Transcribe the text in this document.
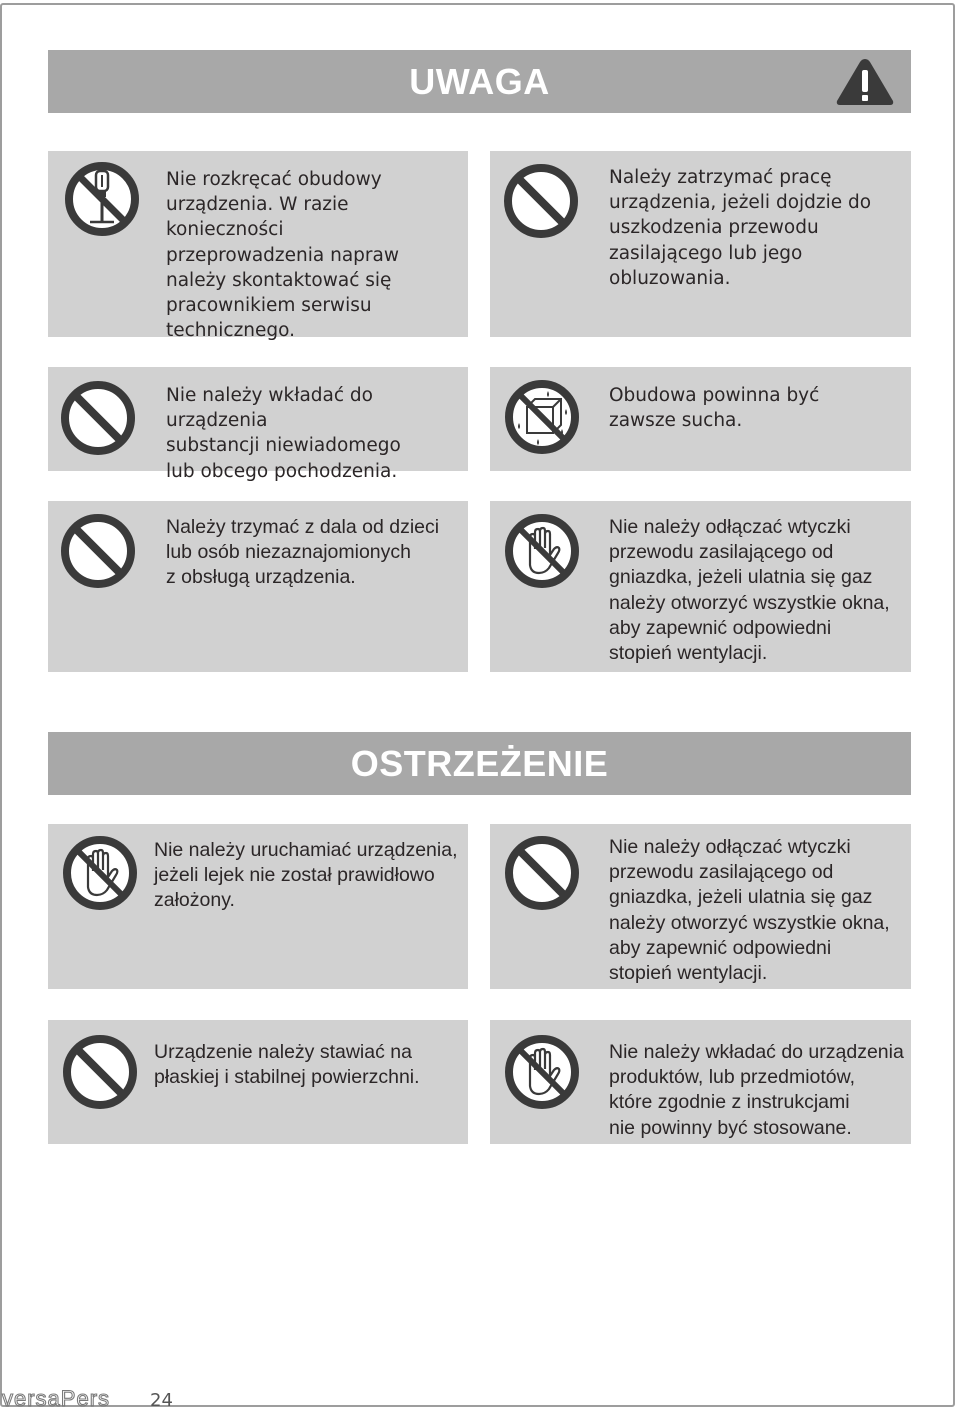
UWAGA

Nie rozkręcać obudowy
urządzenia. W razie konieczności
przeprowadzenia napraw
należy skontaktować się
pracownikiem serwisu
technicznego.

Należy zatrzymać pracę
urządzenia, jeżeli dojdzie do
uszkodzenia przewodu
zasilającego lub jego
obluzowania.

Nie należy wkładać do urządzenia
substancji niewiadomego
lub obcego pochodzenia.

Obudowa powinna być
zawsze sucha.

Należy trzymać z dala od dzieci
lub osób niezaznajomionych
z obsługą urządzenia.

Nie należy odłączać wtyczki
przewodu zasilającego od
gniazdka, jeżeli ulatnia się gaz
należy otworzyć wszystkie okna,
aby zapewnić odpowiedni
stopień wentylacji.

OSTRZEŻENIE

Nie należy uruchamiać urządzenia,
jeżeli lejek nie został prawidłowo
założony.

Nie należy odłączać wtyczki
przewodu zasilającego od
gniazdka, jeżeli ulatnia się gaz
należy otworzyć wszystkie okna,
aby zapewnić odpowiedni
stopień wentylacji.

Urządzenie należy stawiać na
płaskiej i stabilnej powierzchni.

Nie należy wkładać do urządzenia
produktów, lub przedmiotów,
które zgodnie z instrukcjami
nie powinny być stosowane.

versaPers 24
